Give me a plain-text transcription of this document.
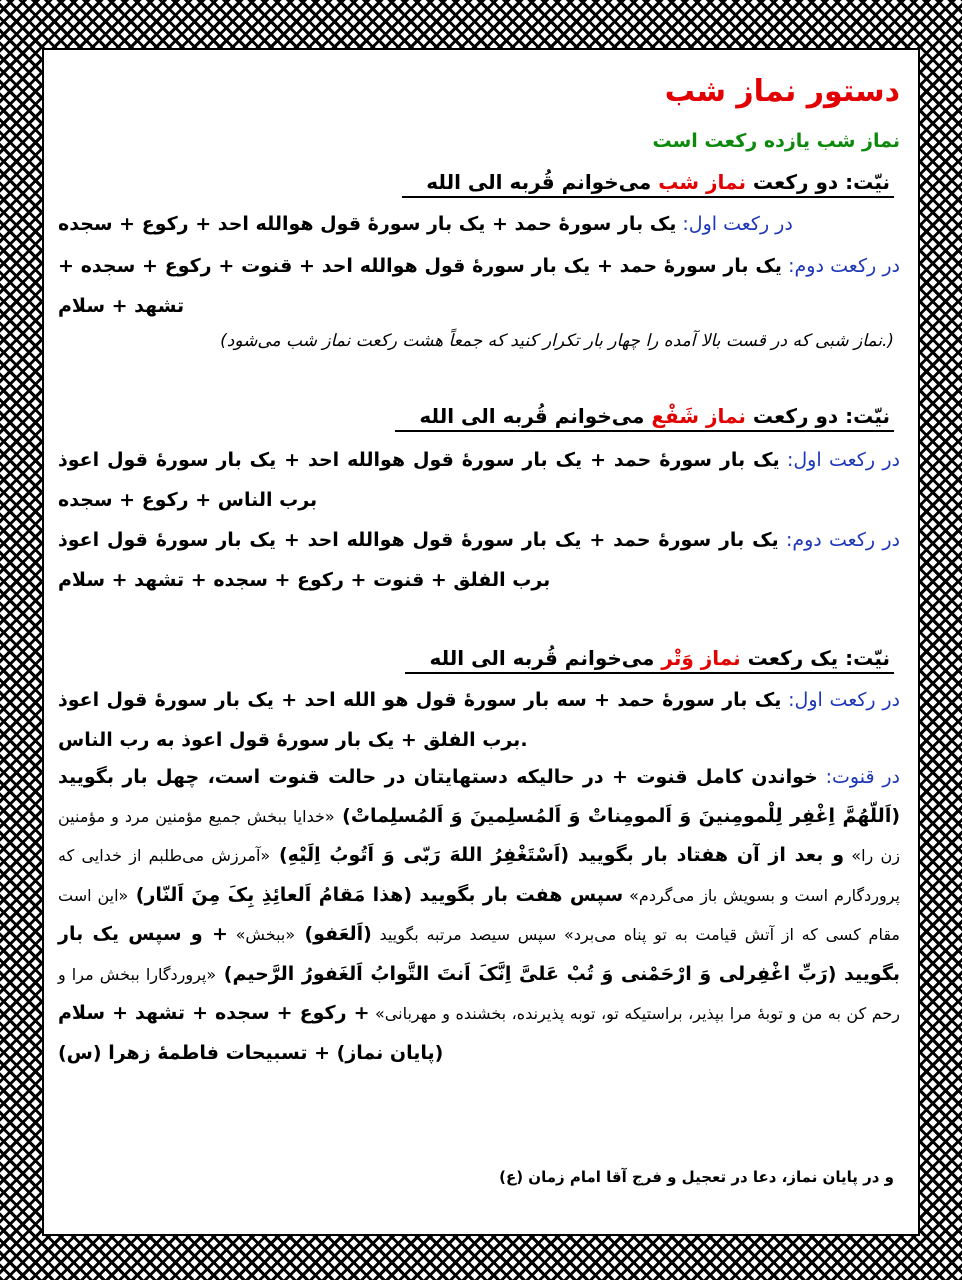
دستور نماز شب
نماز شب یازده رکعت است
نیّت: دو رکعت نماز شب می‌خوانم قُربه الی الله
در رکعت اول: یک بار سورهٔ حمد + یک بار سورهٔ قول هوالله احد + رکوع + سجده
در رکعت دوم: یک بار سورهٔ حمد + یک بار سورهٔ قول هوالله احد + قنوت + رکوع + سجده + تشهد + سلام
(نماز شبی که در قست بالا آمده را چهار بار تکرار کنید که جمعاً هشت رکعت نماز شب می‌شود.)
نیّت: دو رکعت نماز شَفْع می‌خوانم قُربه الی الله
در رکعت اول: یک بار سورهٔ حمد + یک بار سورهٔ قول هوالله احد + یک بار سورهٔ قول اعوذ برب الناس + رکوع + سجده
در رکعت دوم: یک بار سورهٔ حمد + یک بار سورهٔ قول هوالله احد + یک بار سورهٔ قول اعوذ برب الفلق + قنوت + رکوع + سجده + تشهد + سلام
نیّت: یک رکعت نماز وَتْر می‌خوانم قُربه الی الله
در رکعت اول: یک بار سورهٔ حمد + سه بار سورهٔ قول هو الله احد + یک بار سورهٔ قول اعوذ برب الفلق + یک بار سورهٔ قول اعوذ به رب الناس.
در قنوت: خواندن کامل قنوت + در حالیکه دستهایتان در حالت قنوت است، چهل بار بگویید (اَللّهُمَّ اِغْفِر لِلْمومِنینَ وَ اَلمومِناتْ وَ اَلمُسلِمینَ وَ اَلمُسلِماتْ) «خدایا ببخش جمیع مؤمنین مرد و مؤمنین زن را» و بعد از آن هفتاد بار بگویید (اَسْتَغْفِرُ اللهَ رَبّی وَ اَتُوبُ اِلَیْهِ) «آمرزش می‌طلبم از خدایی که پروردگارم است و بسویش باز می‌گردم» سپس هفت بار بگویید (هذا مَقامُ اَلعائِذِ بِکَ مِنَ اَلنّار) «این است مقام کسی که از آتش قیامت به تو پناه می‌برد» سپس سیصد مرتبه بگویید (اَلعَفو) «ببخش» + و سپس یک بار بگویید (رَبِّ اغْفِرلی وَ ارْحَمْنی وَ تُبْ عَلیَّ اِنَّکَ اَنتَ التَّوابُ اَلغَفورُ الرَّحیم) «پروردگارا ببخش مرا و رحم کن به من و توبهٔ مرا بپذیر، براستیکه تو، توبه پذیرنده، بخشنده و مهربانی» + رکوع + سجده + تشهد + سلام (پایان نماز) + تسبیحات فاطمهٔ زهرا (س)
و در پایان نماز، دعا در تعجیل و فرج آقا امام زمان (ع)
